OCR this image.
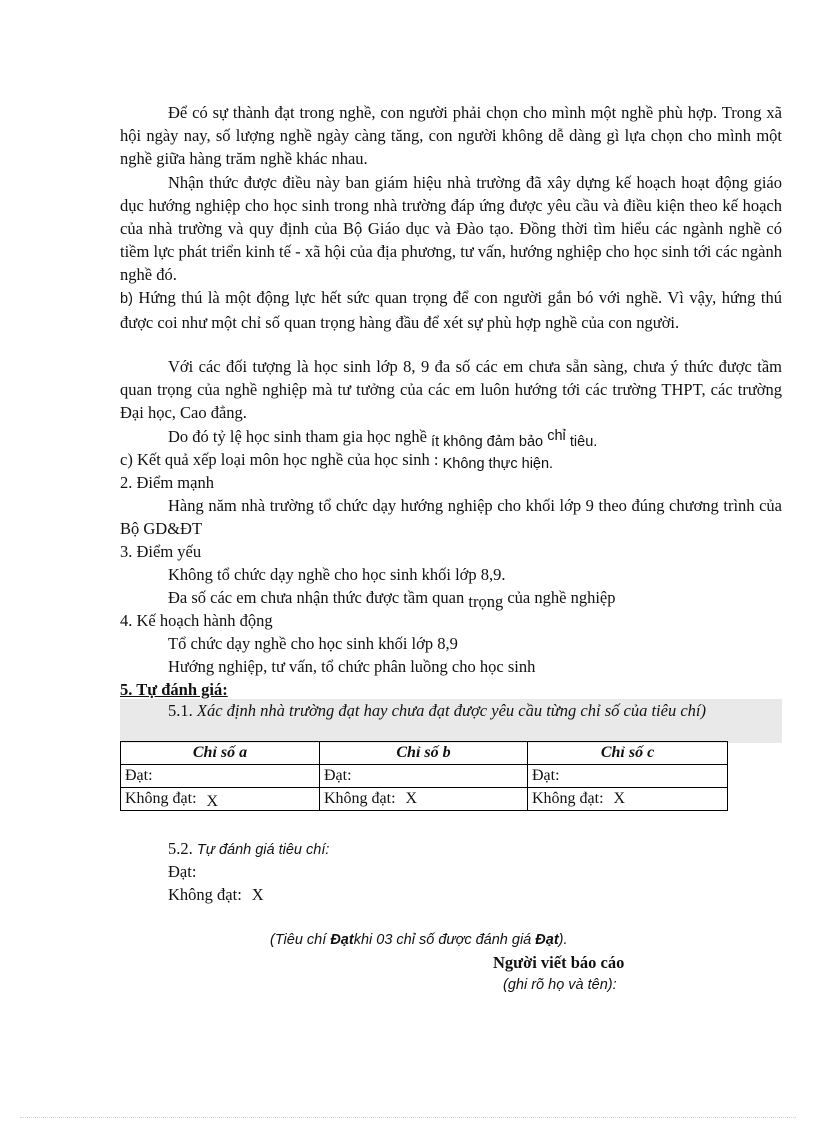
Để có sự thành đạt trong nghề, con người phải chọn cho mình một nghề phù hợp. Trong xã hội ngày nay, số lượng nghề ngày càng tăng, con người không dễ dàng gì lựa chọn cho mình một nghề giữa hàng trăm nghề khác nhau.
Nhận thức được điều này ban giám hiệu nhà trường đã xây dựng kế hoạch hoạt động giáo dục hướng nghiệp cho học sinh trong nhà trường đáp ứng được yêu cầu và điều kiện theo kế hoạch của nhà trường và quy định của Bộ Giáo dục và Đào tạo. Đồng thời tìm hiểu các ngành nghề có tiềm lực phát triển kinh tế - xã hội của địa phương, tư vấn, hướng nghiệp cho học sinh tới các ngành nghề đó.
b) Hứng thú là một động lực hết sức quan trọng để con người gắn bó với nghề. Vì vậy, hứng thú được coi như một chỉ số quan trọng hàng đầu để xét sự phù hợp nghề của con người.
Với các đối tượng là học sinh lớp 8, 9 đa số các em chưa sẵn sàng, chưa ý thức được tầm quan trọng của nghề nghiệp mà tư tưởng của các em luôn hướng tới các trường THPT, các trường Đại học, Cao đẳng.
Do đó tỷ lệ học sinh tham gia học nghề ít không đảm bảo chỉ tiêu.
c) Kết quả xếp loại môn học nghề của học sinh : Không thực hiện.
2. Điểm mạnh
Hàng năm nhà trường tổ chức dạy hướng nghiệp cho khối lớp 9 theo đúng chương trình của Bộ GD&ĐT
3. Điểm yếu
Không tổ chức dạy nghề cho học sinh khối lớp 8,9.
Đa số các em chưa nhận thức được tầm quan trọng của nghề nghiệp
4. Kế hoạch hành động
Tổ chức dạy nghề cho học sinh khối lớp 8,9
Hướng nghiệp, tư vấn, tổ chức phân luồng cho học sinh
5. Tự đánh giá:
5.1. Xác định nhà trường đạt hay chưa đạt được yêu cầu từng chỉ số của tiêu chí)
Chỉ số a	Chỉ số b	Chỉ số c
Đạt:	Đạt:	Đạt:
Không đạt: X	Không đạt: X	Không đạt: X
5.2. Tự đánh giá tiêu chí:
Đạt:
Không đạt: X
(Tiêu chí Đạtkhi 03 chỉ số được đánh giá Đạt).
Người viết báo cáo
(ghi rõ họ và tên):
